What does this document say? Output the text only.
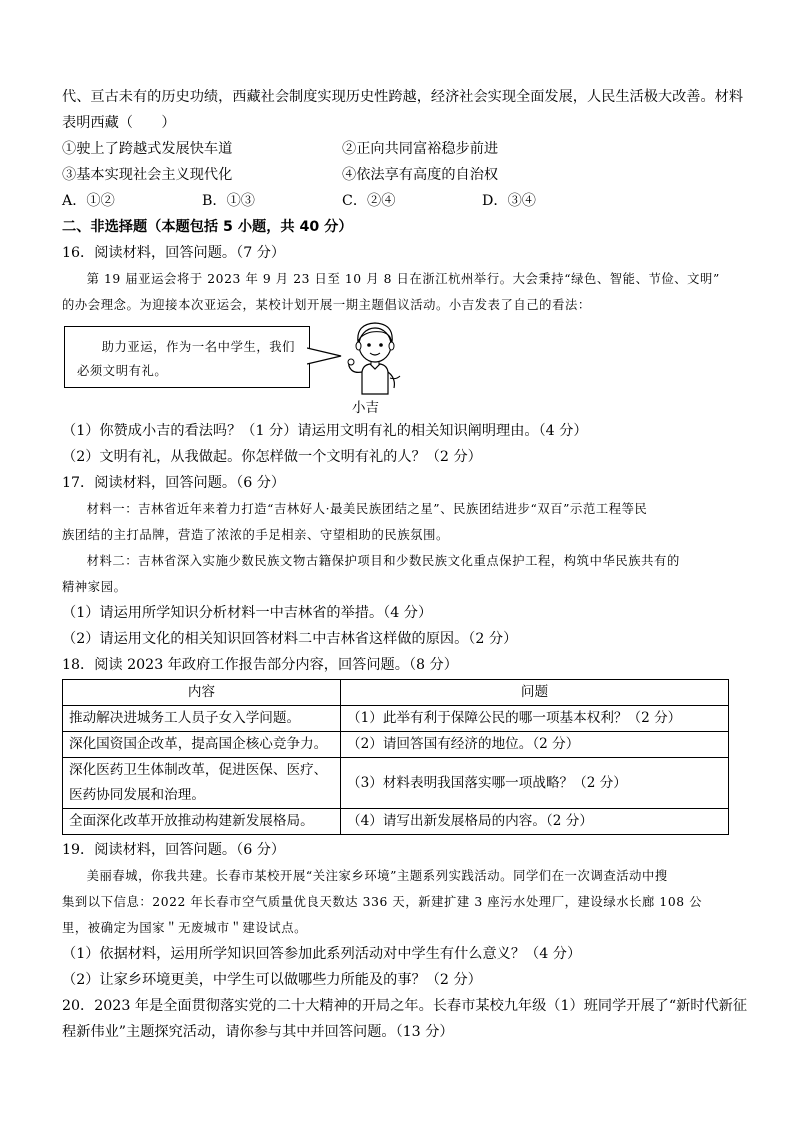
代、亘古未有的历史功绩，西藏社会制度实现历史性跨越，经济社会实现全面发展，人民生活极大改善。材料
表明西藏（　　）
①驶上了跨越式发展快车道	②正向共同富裕稳步前进
③基本实现社会主义现代化	④依法享有高度的自治权
A．①②	B．①③	C．②④	D．③④
二、非选择题（本题包括 5 小题，共 40 分）
16．阅读材料，回答问题。（7 分）
第 19 届亚运会将于 2023 年 9 月 23 日至 10 月 8 日在浙江杭州举行。大会秉持“绿色、智能、节俭、文明”
的办会理念。为迎接本次亚运会，某校计划开展一期主题倡议活动。小吉发表了自己的看法：
助力亚运，作为一名中学生，我们必须文明有礼。
小吉
（1）你赞成小吉的看法吗？（1 分）请运用文明有礼的相关知识阐明理由。（4 分）
（2）文明有礼，从我做起。你怎样做一个文明有礼的人？（2 分）
17．阅读材料，回答问题。（6 分）
材料一：吉林省近年来着力打造“吉林好人·最美民族团结之星”、民族团结进步“双百”示范工程等民
族团结的主打品牌，营造了浓浓的手足相亲、守望相助的民族氛围。
材料二：吉林省深入实施少数民族文物古籍保护项目和少数民族文化重点保护工程，构筑中华民族共有的
精神家园。
（1）请运用所学知识分析材料一中吉林省的举措。（4 分）
（2）请运用文化的相关知识回答材料二中吉林省这样做的原因。（2 分）
18．阅读 2023 年政府工作报告部分内容，回答问题。（8 分）
内容	问题
推动解决进城务工人员子女入学问题。	（1）此举有利于保障公民的哪一项基本权利？（2 分）
深化国资国企改革，提高国企核心竞争力。	（2）请回答国有经济的地位。（2 分）

深化医药卫生体制改革，促进医保、医疗、
医药协同发展和治理。	（3）材料表明我国落实哪一项战略？（2 分）
全面深化改革开放推动构建新发展格局。	（4）请写出新发展格局的内容。（2 分）
19．阅读材料，回答问题。（6 分）
美丽春城，你我共建。长春市某校开展“关注家乡环境”主题系列实践活动。同学们在一次调查活动中搜
集到以下信息：2022 年长春市空气质量优良天数达 336 天，新建扩建 3 座污水处理厂，建设绿水长廊 108 公
里，被确定为国家＂无废城市＂建设试点。
（1）依据材料，运用所学知识回答参加此系列活动对中学生有什么意义？（4 分）
（2）让家乡环境更美，中学生可以做哪些力所能及的事？（2 分）
20．2023 年是全面贯彻落实党的二十大精神的开局之年。长春市某校九年级（1）班同学开展了“新时代新征
程新伟业”主题探究活动，请你参与其中并回答问题。（13 分）
